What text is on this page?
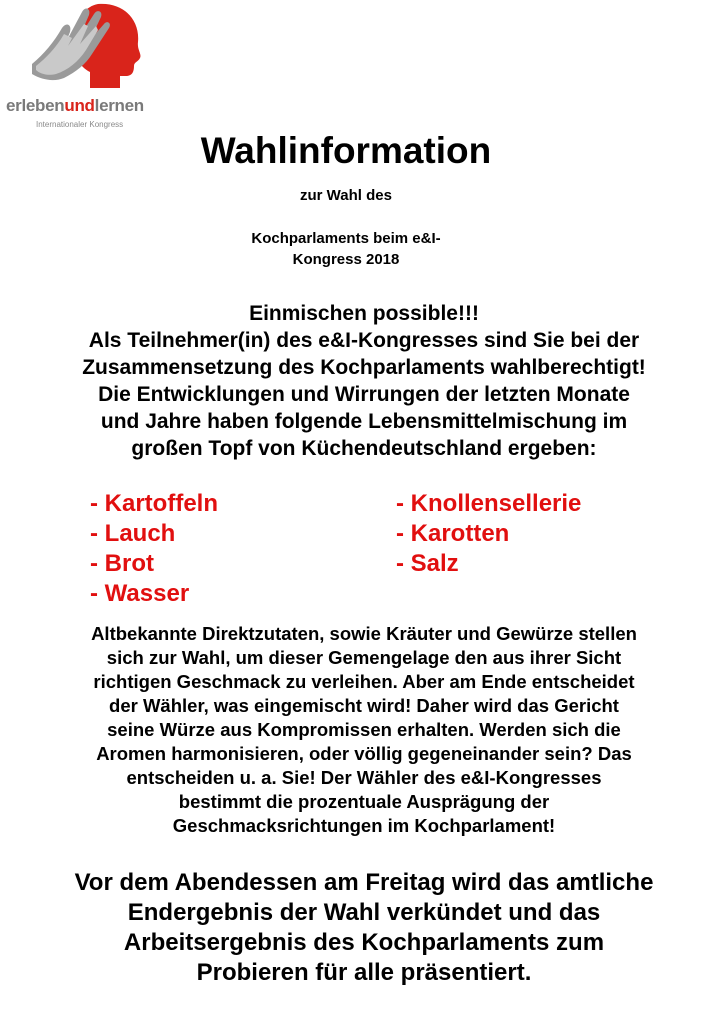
erlebenundlernen
Internationaler Kongress
Wahlinformation
zur Wahl des
Kochparlaments beim e&I-
Kongress 2018
Einmischen possible!!!
Als Teilnehmer(in) des e&I-Kongresses sind Sie bei der
Zusammensetzung des Kochparlaments wahlberechtigt!
Die Entwicklungen und Wirrungen der letzten Monate
und Jahre haben folgende Lebensmittelmischung im
großen Topf von Küchendeutschland ergeben:
- Kartoffeln
- Lauch
- Brot
- Wasser
- Knollensellerie
- Karotten
- Salz
Altbekannte Direktzutaten, sowie Kräuter und Gewürze stellen
sich zur Wahl, um dieser Gemengelage den aus ihrer Sicht
richtigen Geschmack zu verleihen. Aber am Ende entscheidet
der Wähler, was eingemischt wird! Daher wird das Gericht
seine Würze aus Kompromissen erhalten. Werden sich die
Aromen harmonisieren, oder völlig gegeneinander sein? Das
entscheiden u. a. Sie! Der Wähler des e&I-Kongresses
bestimmt die prozentuale Ausprägung der
Geschmacksrichtungen im Kochparlament!
Vor dem Abendessen am Freitag wird das amtliche
Endergebnis der Wahl verkündet und das
Arbeitsergebnis des Kochparlaments zum
Probieren für alle präsentiert.
